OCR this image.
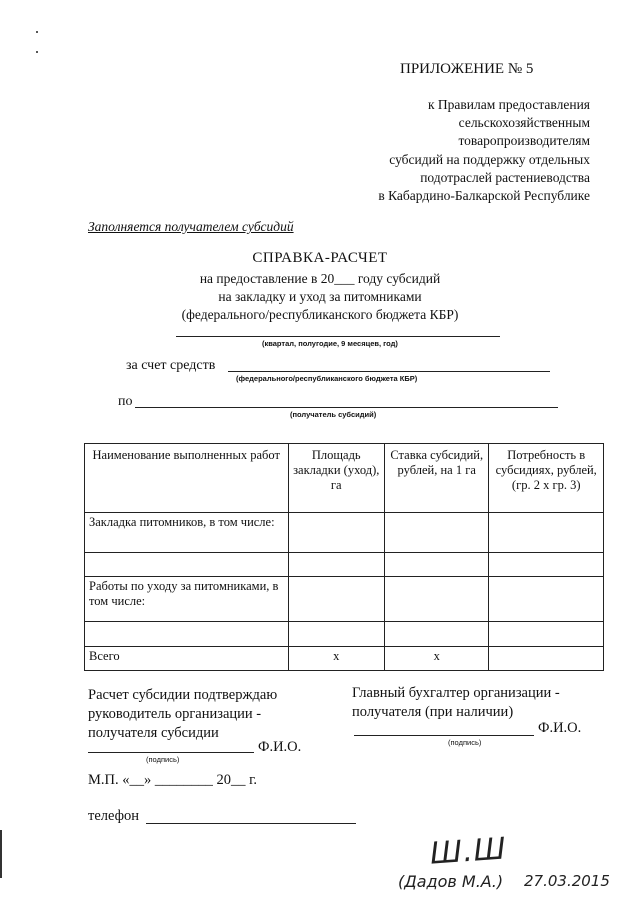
ПРИЛОЖЕНИЕ № 5
к Правилам предоставления
сельскохозяйственным
товаропроизводителям
субсидий на поддержку отдельных
подотраслей растениеводства
в Кабардино-Балкарской Республике
Заполняется получателем субсидий
СПРАВКА-РАСЧЕТ
на предоставление в 20___ году субсидий
на закладку и уход за питомниками
(федерального/республиканского бюджета КБР)
(квартал, полугодие, 9 месяцев, год)
за счет средств
(федерального/республиканского бюджета КБР)
по
(получатель субсидий)
Наименование выполненных работ	Площадь закладки (уход), га	Ставка субсидий, рублей, на 1 га	Потребность в субсидиях, рублей, (гр. 2 х гр. 3)
Закладка питомников, в том числе:			

Работы по уходу за питомниками, в том числе:			

Всего	х	х	
Расчет субсидии подтверждаю
руководитель организации -
получателя субсидии
Ф.И.О.
(подпись)
Главный бухгалтер организации -
получателя (при наличии)
Ф.И.О.
(подпись)
М.П. «__» ________ 20__ г.
телефон
Ш.Ш
(Дадов М.А.) 27.03.2015
